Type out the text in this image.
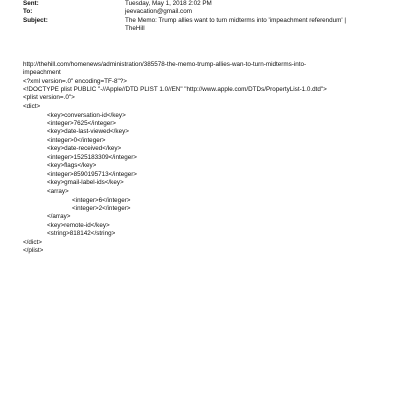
Sent:	Tuesday, May 1, 2018 2:02 PM
To:	jeevacation@gmail.com
Subject:	The Memo: Trump allies want to turn midterms into 'impeachment referendum' |
TheHill
http://thehill.com/homenews/administration/385578-the-memo-trump-allies-wan-to-turn-midterms-into-
impeachment
<?xml version=.0" encoding=TF-8"?>
<!DOCTYPE plist PUBLIC "-//Apple//DTD PLIST 1.0//EN" "http://www.apple.com/DTDs/PropertyList-1.0.dtd">
<plist version=.0">
<dict>
<key>conversation-id</key>
<integer>7625</integer>
<key>date-last-viewed</key>
<integer>0</integer>
<key>date-received</key>
<integer>1525183309</integer>
<key>flags</key>
<integer>8590195713</integer>
<key>gmail-label-ids</key>
<array>
<integer>6</integer>
<integer>2</integer>
</array>
<key>remote-id</key>
<string>818142</string>
</dict>
</plist>
